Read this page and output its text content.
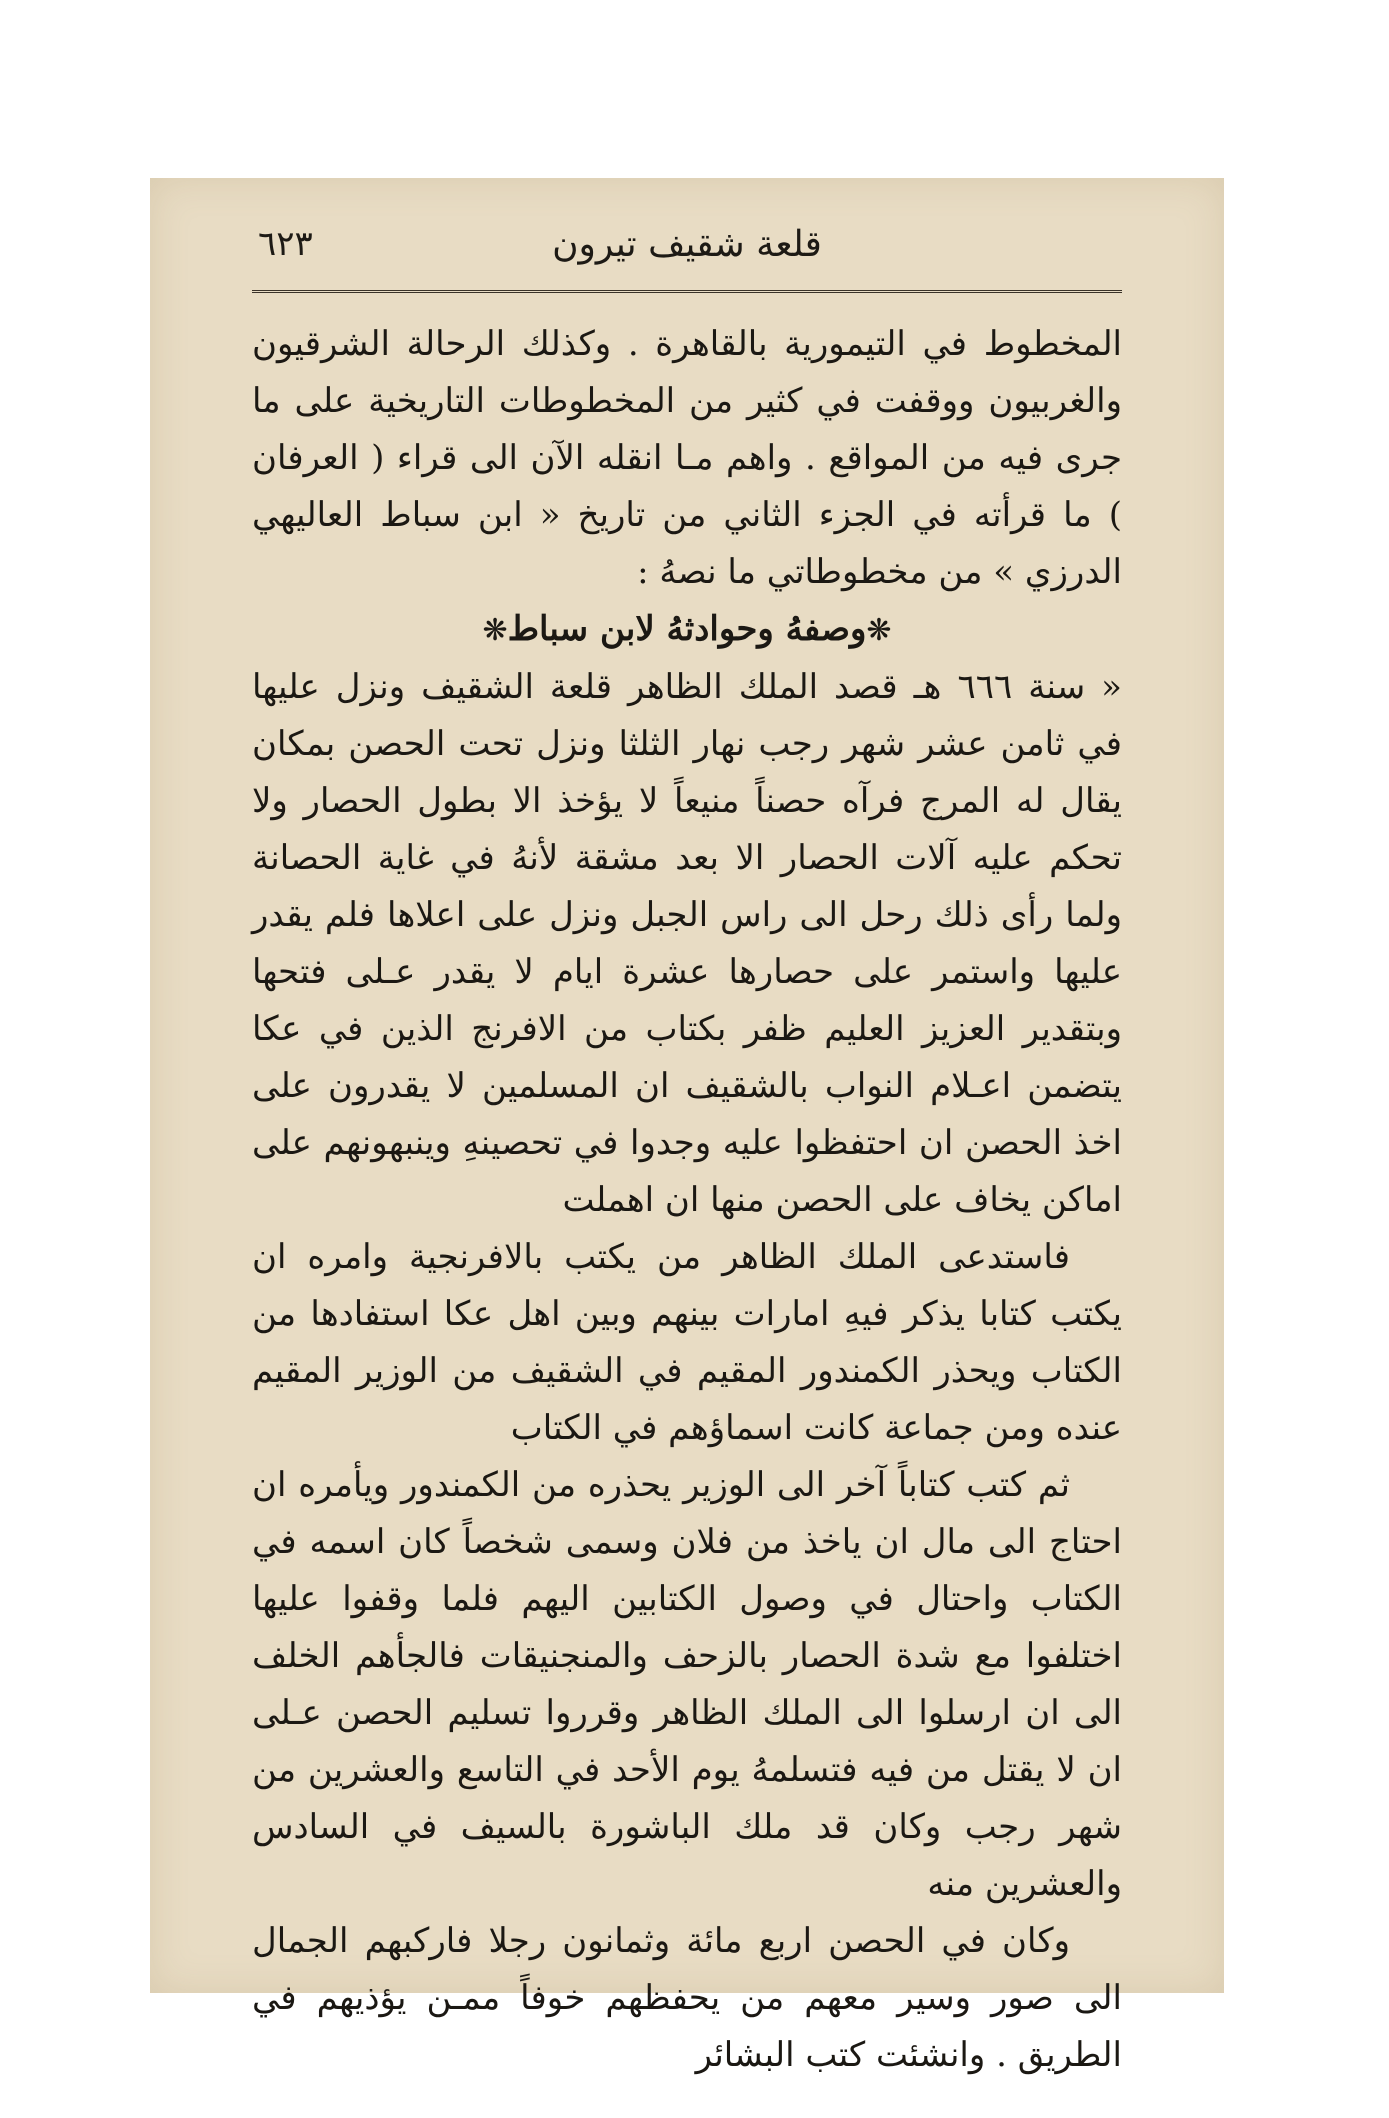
قلعة شقيف تيرون
٦٢٣

المخطوط في التيمورية بالقاهرة . وكذلك الرحالة الشرقيون والغربيون ووقفت في كثير من المخطوطات التاريخية على ما جرى فيه من المواقع . واهم مـا انقله الآن الى قراء ( العرفان ) ما قرأته في الجزء الثاني من تاريخ « ابن سباط العاليهي الدرزي » من مخطوطاتي ما نصهُ :

❋وصفهُ وحوادثهُ لابن سباط❋

« سنة ٦٦٦ هـ قصد الملك الظاهر قلعة الشقيف ونزل عليها في ثامن عشر شهر رجب نهار الثلثا ونزل تحت الحصن بمكان يقال له المرج فرآه حصناً منيعاً لا يؤخذ الا بطول الحصار ولا تحكم عليه آلات الحصار الا بعد مشقة لأنهُ في غاية الحصانة ولما رأى ذلك رحل الى راس الجبل ونزل على اعلاها فلم يقدر عليها واستمر على حصارها عشرة ايام لا يقدر عـلى فتحها وبتقدير العزيز العليم ظفر بكتاب من الافرنج الذين في عكا يتضمن اعـلام النواب بالشقيف ان المسلمين لا يقدرون على اخذ الحصن ان احتفظوا عليه وجدوا في تحصينهِ وينبهونهم على اماكن يخاف على الحصن منها ان اهملت

فاستدعى الملك الظاهر من يكتب بالافرنجية وامره ان يكتب كتابا يذكر فيهِ امارات بينهم وبين اهل عكا استفادها من الكتاب ويحذر الكمندور المقيم في الشقيف من الوزير المقيم عنده ومن جماعة كانت اسماؤهم في الكتاب

ثم كتب كتاباً آخر الى الوزير يحذره من الكمندور ويأمره ان احتاج الى مال ان ياخذ من فلان وسمى شخصاً كان اسمه في الكتاب واحتال في وصول الكتابين اليهم فلما وقفوا عليها اختلفوا مع شدة الحصار بالزحف والمنجنيقات فالجأهم الخلف الى ان ارسلوا الى الملك الظاهر وقرروا تسليم الحصن عـلى ان لا يقتل من فيه فتسلمهُ يوم الأحد في التاسع والعشرين من شهر رجب وكان قد ملك الباشورة بالسيف في السادس والعشرين منه

وكان في الحصن اربع مائة وثمانون رجلا فاركبهم الجمال الى صور وسير معهم من يحفظهم خوفاً ممـن يؤذيهم في الطريق . وانشئت كتب البشائر
